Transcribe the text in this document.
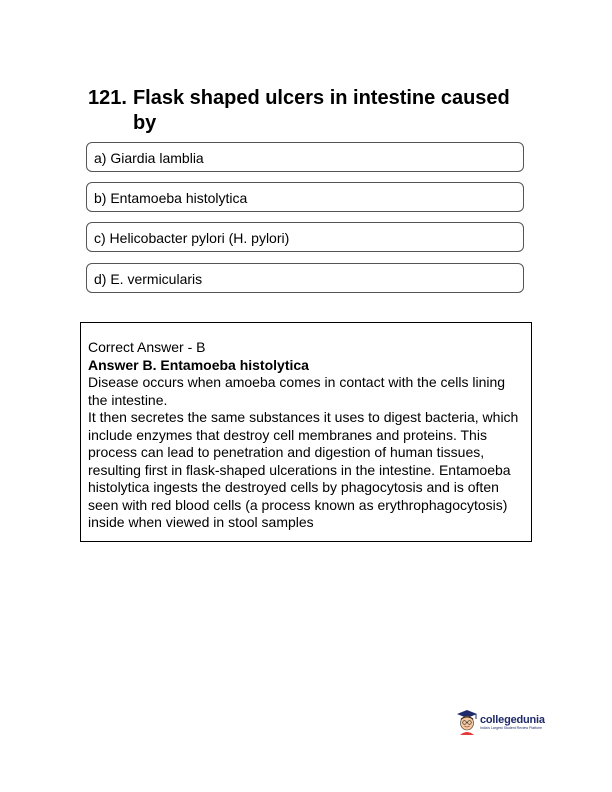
121. Flask shaped ulcers in intestine caused by
a) Giardia lamblia
b) Entamoeba histolytica
c) Helicobacter pylori (H. pylori)
d) E. vermicularis

Correct Answer - B

Answer B. Entamoeba histolytica

Disease occurs when amoeba comes in contact with the cells lining the intestine.

It then secretes the same substances it uses to digest bacteria, which include enzymes that destroy cell membranes and proteins. This process can lead to penetration and digestion of human tissues, resulting first in flask-shaped ulcerations in the intestine. Entamoeba histolytica ingests the destroyed cells by phagocytosis and is often seen with red blood cells (a process known as erythrophagocytosis) inside when viewed in stool samples

collegedunia
India's Largest Student Review Platform
